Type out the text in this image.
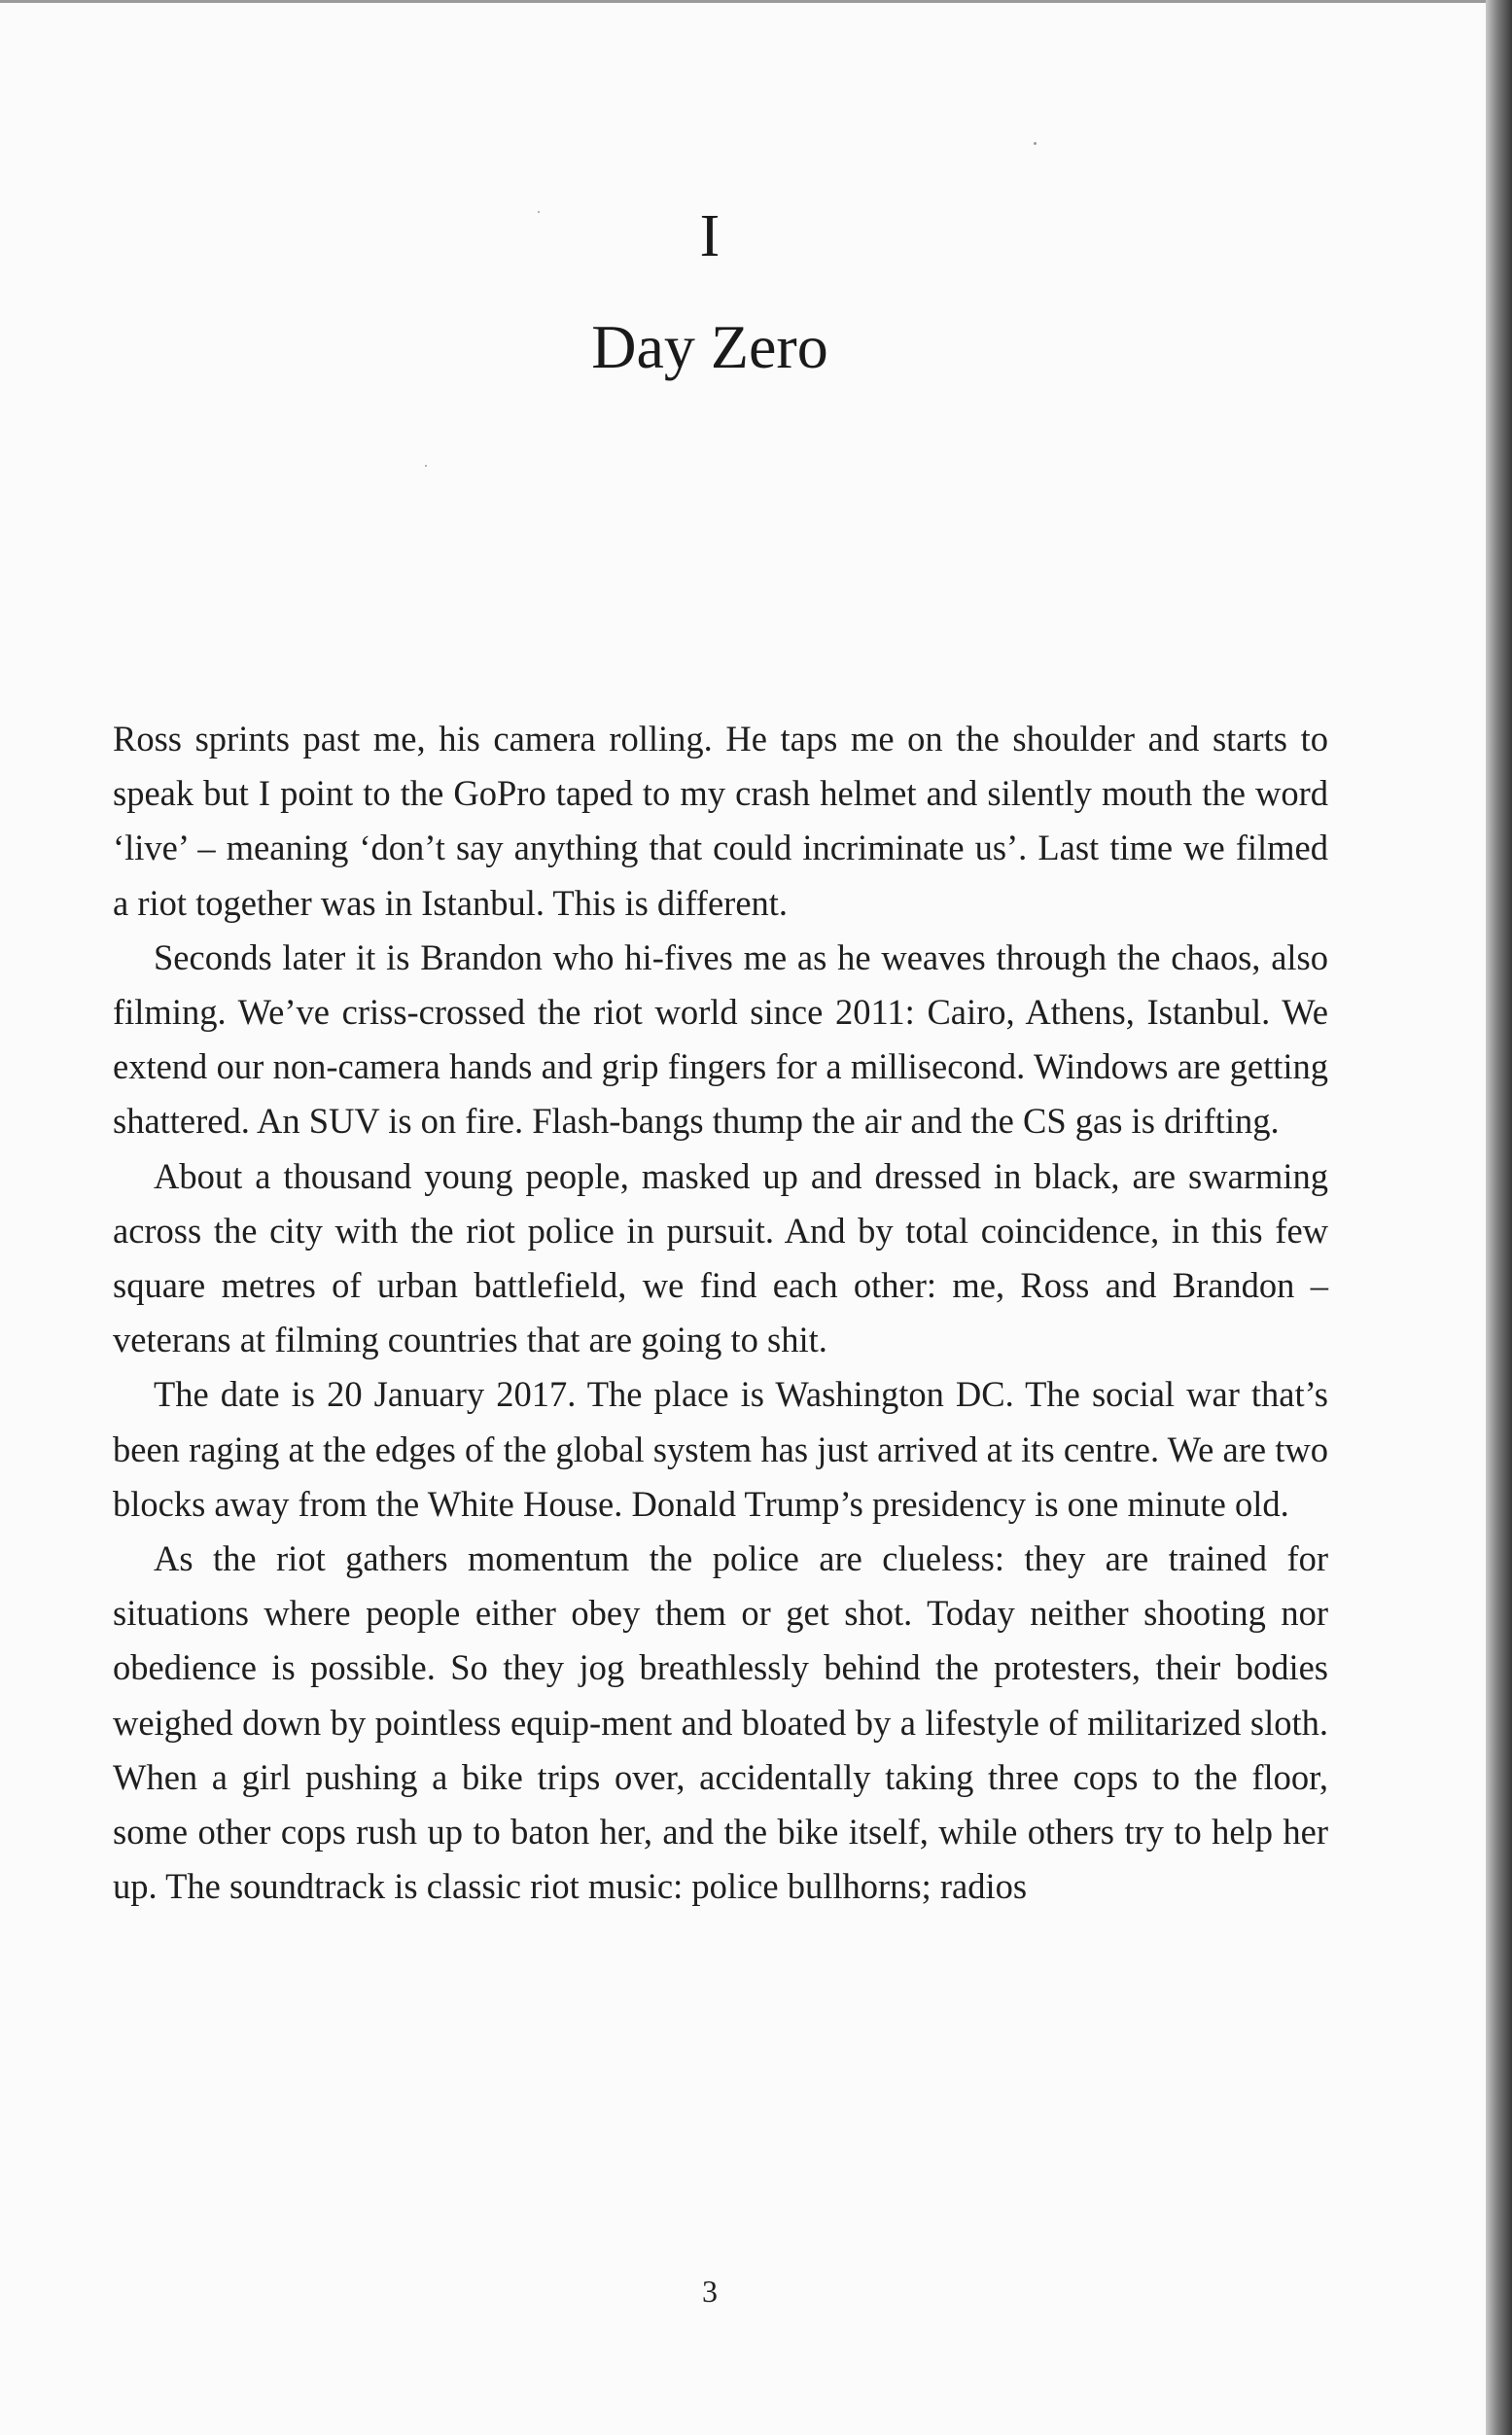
I
Day Zero

Ross sprints past me, his camera rolling. He taps me on the shoulder and starts to speak but I point to the GoPro taped to my crash helmet and silently mouth the word ‘live’ – meaning ‘don’t say anything that could incriminate us’. Last time we filmed a riot together was in Istanbul. This is different.

Seconds later it is Brandon who hi-fives me as he weaves through the chaos, also filming. We’ve criss-crossed the riot world since 2011: Cairo, Athens, Istanbul. We extend our non-camera hands and grip fingers for a millisecond. Windows are getting shattered. An SUV is on fire. Flash-bangs thump the air and the CS gas is drifting.

About a thousand young people, masked up and dressed in black, are swarming across the city with the riot police in pursuit. And by total coincidence, in this few square metres of urban battlefield, we find each other: me, Ross and Brandon – veterans at filming countries that are going to shit.

The date is 20 January 2017. The place is Washington DC. The social war that’s been raging at the edges of the global system has just arrived at its centre. We are two blocks away from the White House. Donald Trump’s presidency is one minute old.

As the riot gathers momentum the police are clueless: they are trained for situations where people either obey them or get shot. Today neither shooting nor obedience is possible. So they jog breathlessly behind the protesters, their bodies weighed down by pointless equip-ment and bloated by a lifestyle of militarized sloth. When a girl pushing a bike trips over, accidentally taking three cops to the floor, some other cops rush up to baton her, and the bike itself, while others try to help her up. The soundtrack is classic riot music: police bullhorns; radios

3
